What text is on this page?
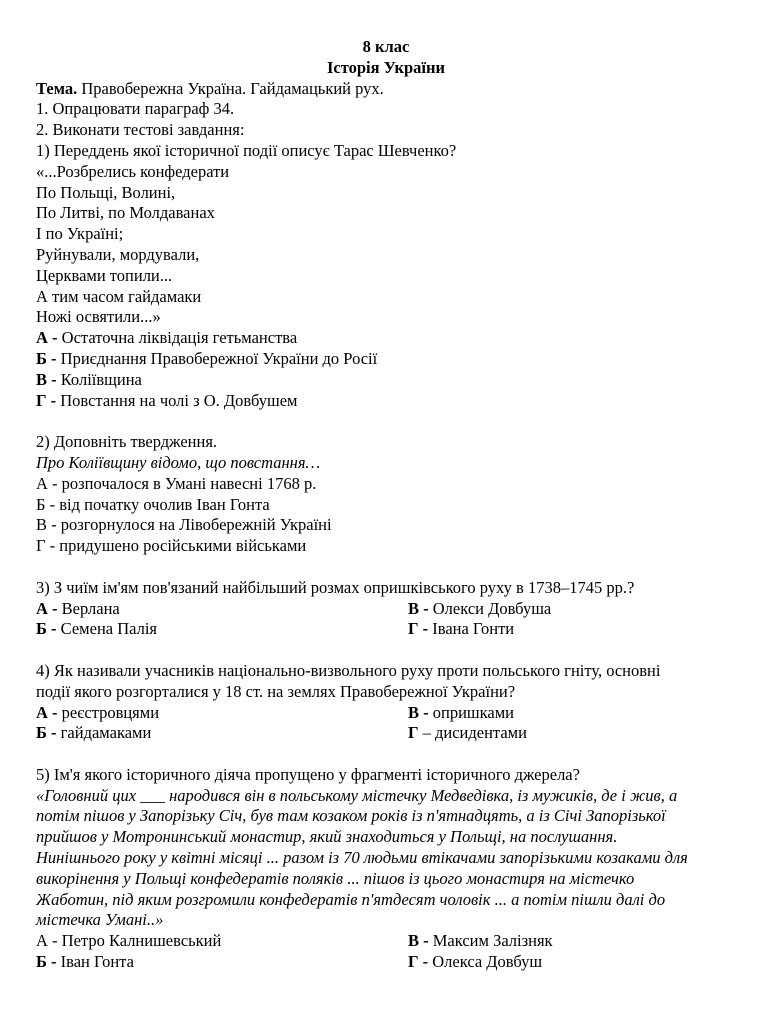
8 клас
Історія України
Тема. Правобережна Україна. Гайдамацький рух.
1. Опрацювати параграф 34.
2. Виконати тестові завдання:
1) Переддень якої історичної події описує Тарас Шевченко?
«...Розбрелись конфедерати
По Польщі, Волині,
По Литві, по Молдаванах
І по Україні;
Руйнували, мордували,
Церквами топили...
А тим часом гайдамаки
Ножі освятили...»
А - Остаточна ліквідація гетьманства
Б - Приєднання Правобережної України до Росії
В - Коліївщина
Г - Повстання на чолі з О. Довбушем
2) Доповніть твердження.
Про Коліївщину відомо, що повстання…
А - розпочалося в Умані навесні 1768 р.
Б - від початку очолив Іван Гонта
В - розгорнулося на Лівобережній Україні
Г - придушено російськими військами
3) З чиїм ім'ям пов'язаний найбільший розмах опришківського руху в 1738–1745 рр.?
А - Верлана	В - Олекси Довбуша
Б - Семена Палія	Г - Івана Гонти
4) Як називали учасників національно-визвольного руху проти польського гніту, основні
події якого розгорталися у 18 ст. на землях Правобережної України?
А - реєстровцями	В - опришками
Б - гайдамаками	Г – дисидентами
5) Ім'я якого історичного діяча пропущено у фрагменті історичного джерела?
«Головний цих ___ народився він в польському містечку Медведівка, із мужиків, де і жив, а
потім пішов у Запорізьку Січ, був там козаком років із п'ятнадцять, а із Січі Запорізької
прийшов у Мотронинський монастир, який знаходиться у Польщі, на послушання.
Нинішнього року у квітні місяці ... разом із 70 людьми втікачами запорізькими козаками для
викорінення у Польщі конфедератів поляків ... пішов із цього монастиря на містечко
Жаботин, під яким розгромили конфедератів п'ятдесят чоловік ... а потім пішли далі до
містечка Умані..»
А - Петро Калнишевський	В - Максим Залізняк
Б - Іван Гонта	Г - Олекса Довбуш
